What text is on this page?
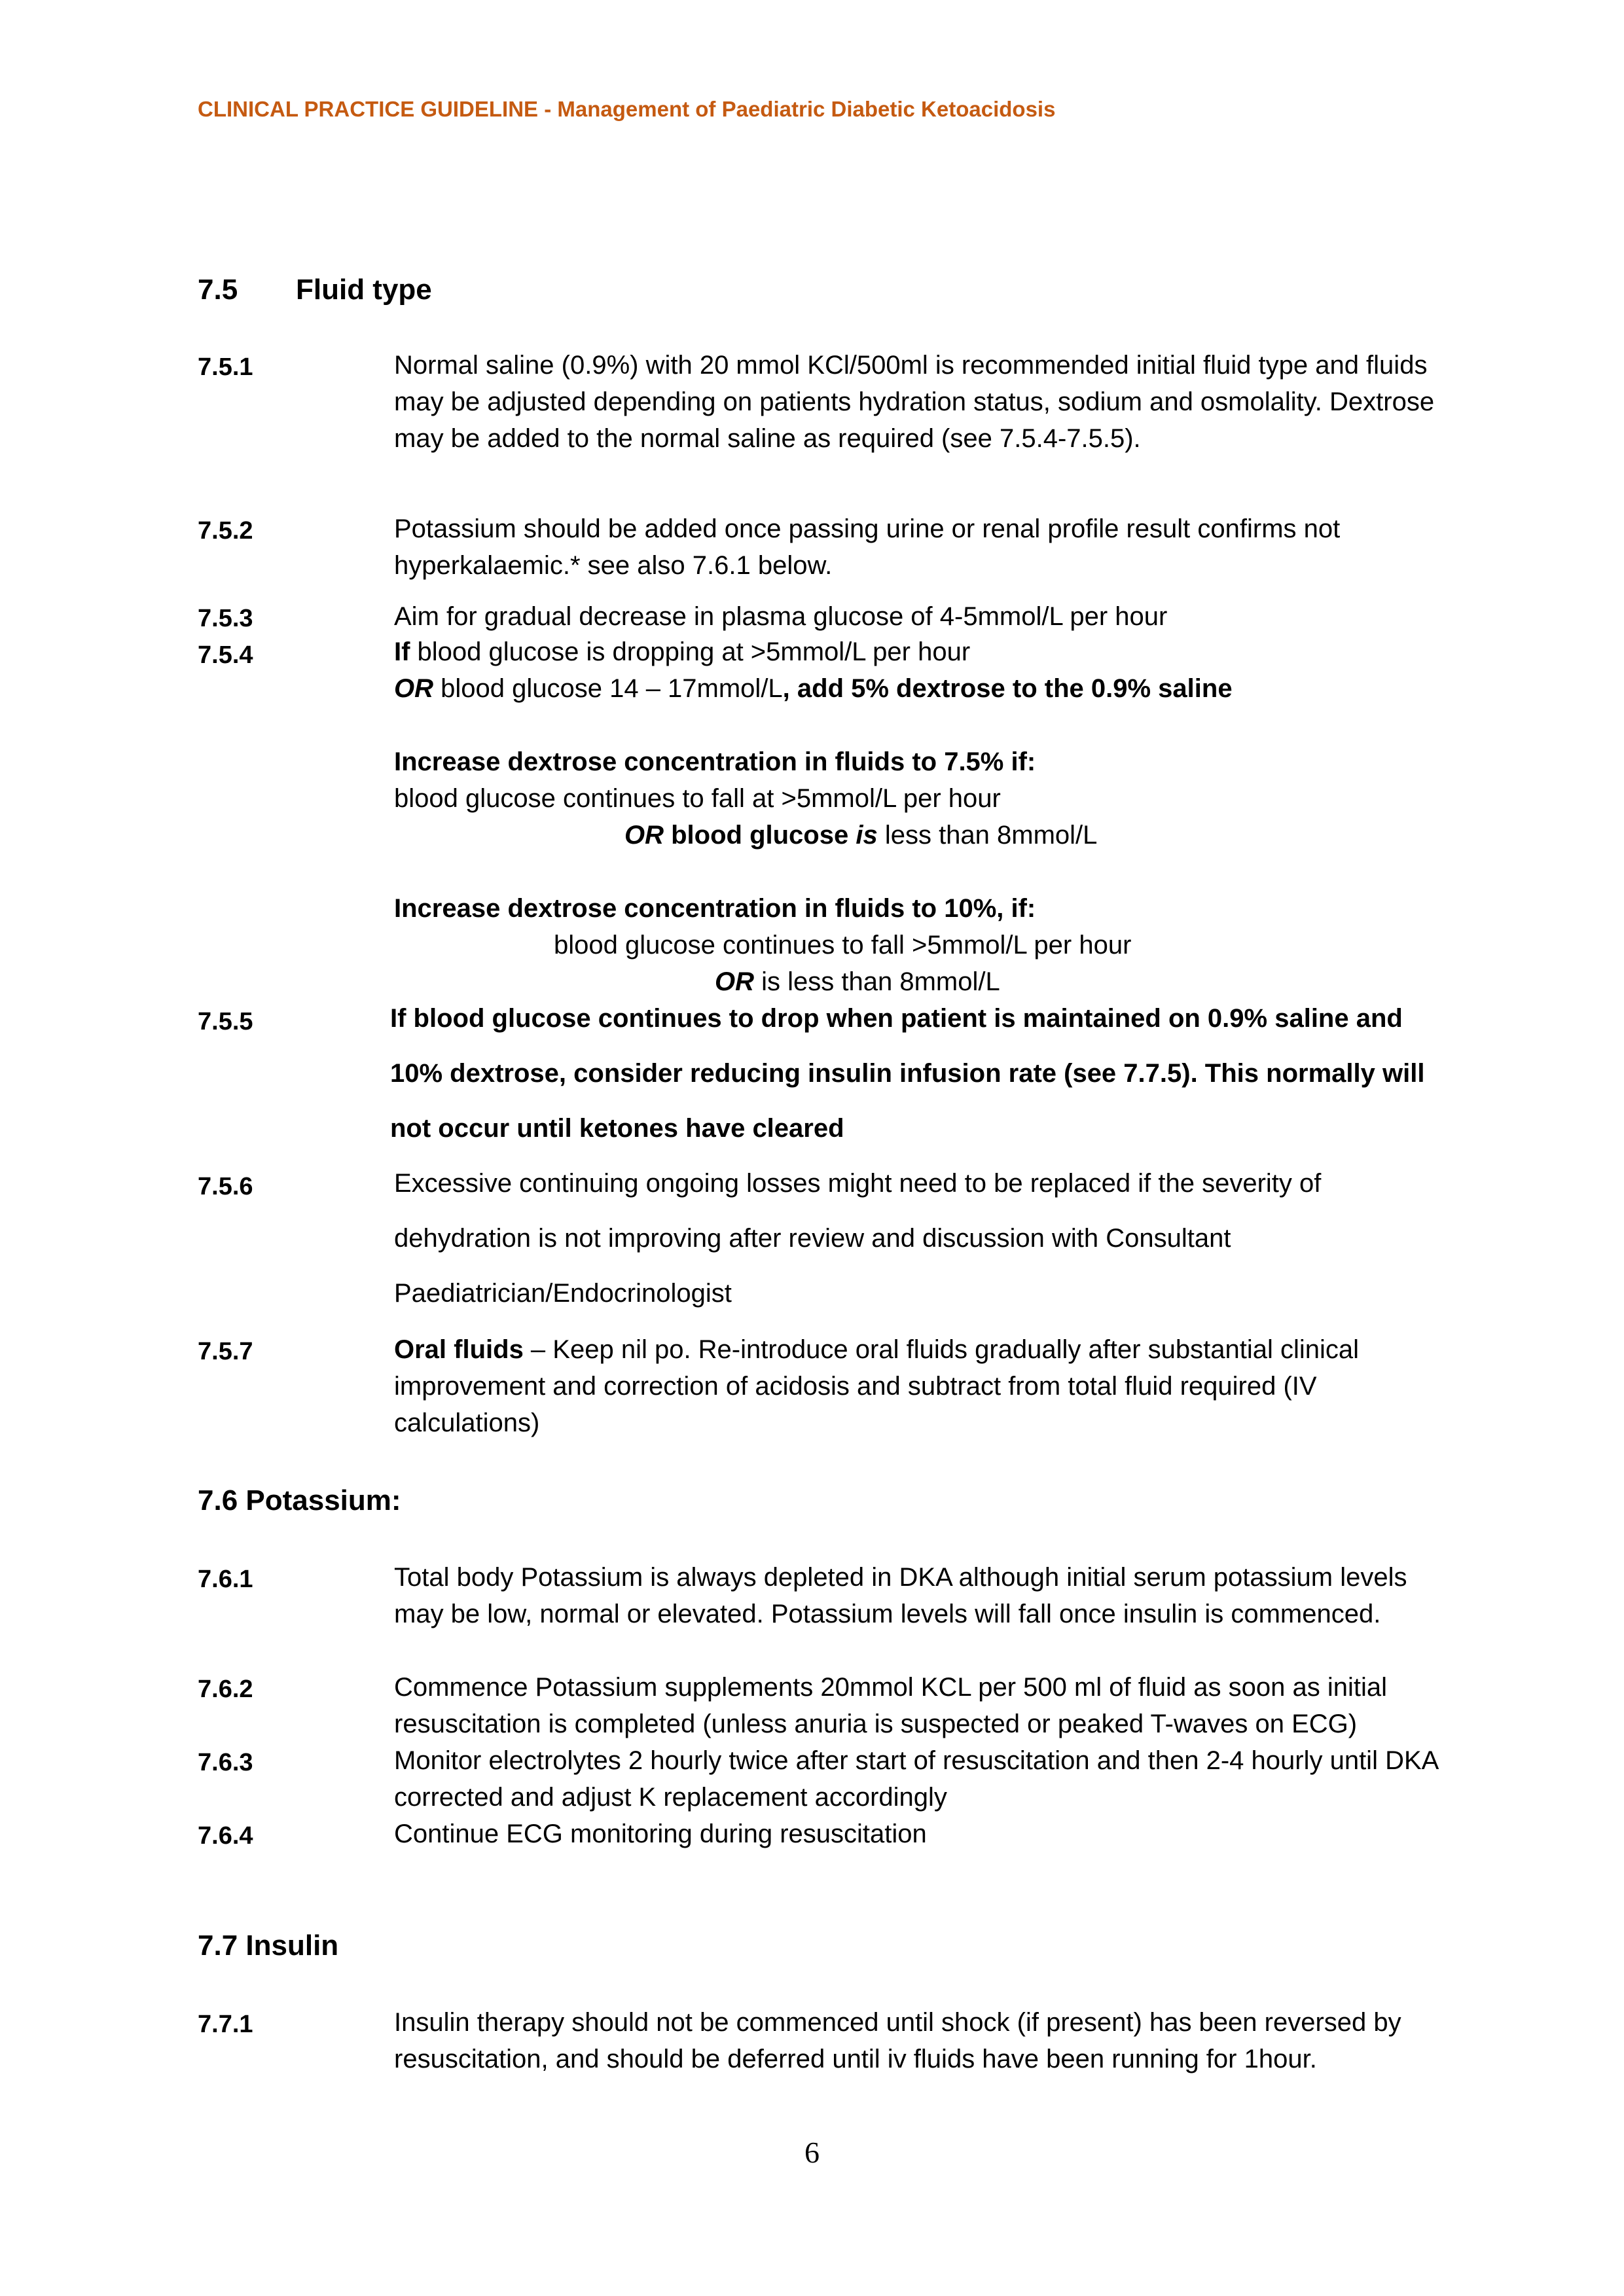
CLINICAL PRACTICE GUIDELINE - Management of Paediatric Diabetic Ketoacidosis
7.5 Fluid type
7.5.1	Normal saline (0.9%) with 20 mmol KCl/500ml is recommended initial fluid type and fluids may be adjusted depending on patients hydration status, sodium and osmolality. Dextrose may be added to the normal saline as required (see 7.5.4-7.5.5).
7.5.2	Potassium should be added once passing urine or renal profile result confirms not hyperkalaemic.* see also 7.6.1 below.
7.5.3	Aim for gradual decrease in plasma glucose of 4-5mmol/L per hour
7.5.4	If blood glucose is dropping at >5mmol/L per hour
OR blood glucose 14 – 17mmol/L, add 5% dextrose to the 0.9% saline
Increase dextrose concentration in fluids to 7.5% if:
blood glucose continues to fall at >5mmol/L per hour
OR blood glucose is less than 8mmol/L
Increase dextrose concentration in fluids to 10%, if:
blood glucose continues to fall >5mmol/L per hour
OR is less than 8mmol/L
7.5.5	If blood glucose continues to drop when patient is maintained on 0.9% saline and
10% dextrose, consider reducing insulin infusion rate (see 7.7.5). This normally will
not occur until ketones have cleared
7.5.6	Excessive continuing ongoing losses might need to be replaced if the severity of
dehydration is not improving after review and discussion with Consultant
Paediatrician/Endocrinologist
7.5.7	Oral fluids – Keep nil po. Re-introduce oral fluids gradually after substantial clinical improvement and correction of acidosis and subtract from total fluid required (IV calculations)
7.6 Potassium:
7.6.1	Total body Potassium is always depleted in DKA although initial serum potassium levels may be low, normal or elevated. Potassium levels will fall once insulin is commenced.
7.6.2	Commence Potassium supplements 20mmol KCL per 500 ml of fluid as soon as initial resuscitation is completed (unless anuria is suspected or peaked T-waves on ECG)
7.6.3	Monitor electrolytes 2 hourly twice after start of resuscitation and then 2-4 hourly until DKA corrected and adjust K replacement accordingly
7.6.4	Continue ECG monitoring during resuscitation
7.7 Insulin
7.7.1	Insulin therapy should not be commenced until shock (if present) has been reversed by resuscitation, and should be deferred until iv fluids have been running for 1hour.
6
